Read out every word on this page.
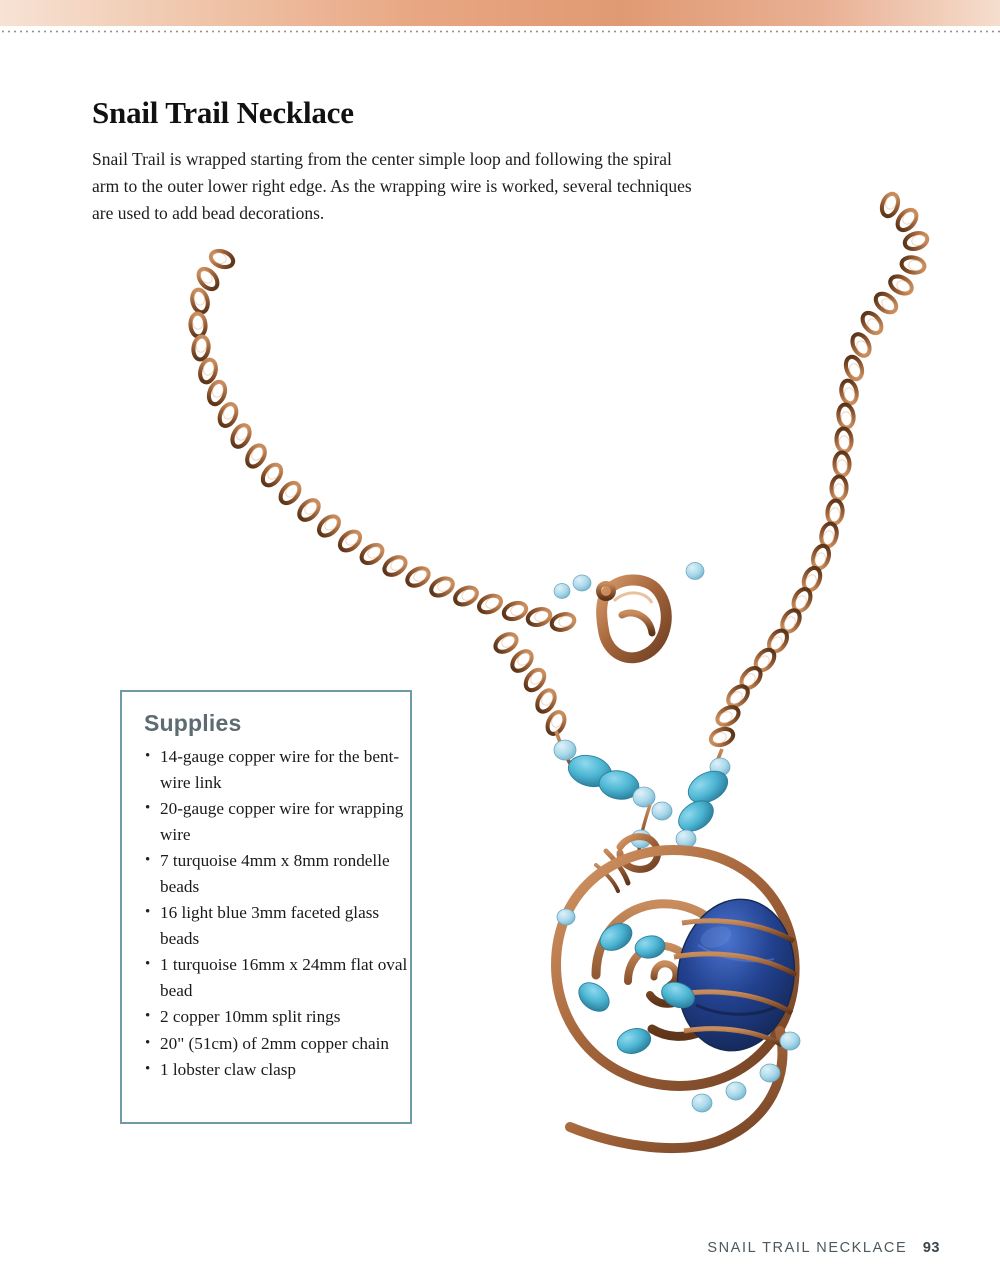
Snail Trail Necklace

Snail Trail is wrapped starting from the center simple loop and following the spiral arm to the outer lower right edge. As the wrapping wire is worked, several techniques are used to add bead decorations.

Supplies
• 14-gauge copper wire for the bent-wire link
• 20-gauge copper wire for wrapping wire
• 7 turquoise 4mm x 8mm rondelle beads
• 16 light blue 3mm faceted glass beads
• 1 turquoise 16mm x 24mm flat oval bead
• 2 copper 10mm split rings
• 20" (51cm) of 2mm copper chain
• 1 lobster claw clasp
SNAIL TRAIL NECKLACE 93
